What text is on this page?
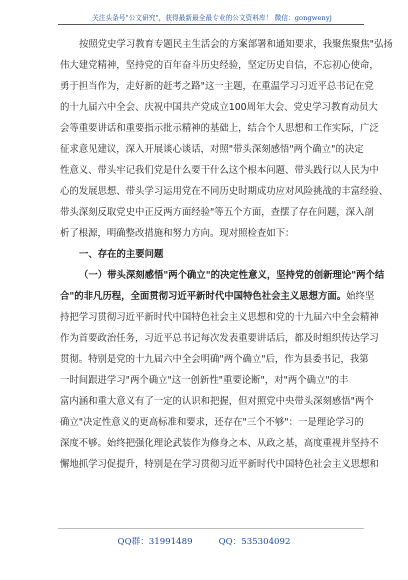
关注头条号"公文研究"，获得最新最全最专业的公文资料库！ 微信：gongwenyj
按照党史学习教育专题民主生活会的方案部署和通知要求，我聚焦聚焦"弘扬
伟大建党精神，坚持党的百年奋斗历史经验，坚定历史自信，不忘初心使命，
勇于担当作为，走好新的赶考之路"这一主题，在重温学习习近平总书记在党
的十九届六中全会、庆祝中国共产党成立100周年大会、党史学习教育动员大
会等重要讲话和重要指示批示精神的基础上，结合个人思想和工作实际，广泛
征求意见建议，深入开展谈心谈话，对照"带头深刻感悟"两个确立"的决定
性意义、带头牢记我们党是什么要干什么这个根本问题、带头践行以人民为中
心的发展思想、带头学习运用党在不同历史时期成功应对风险挑战的丰富经验、
带头深刻反取党史中正反两方面经验"等五个方面，查摆了存在问题，深入剖
析了根源，明确整改措施和努力方向。现对照检查如下：
一、存在的主要问题
（一）带头深刻感悟"两个确立"的决定性意义，坚持党的创新理论"两个结
合"的非凡历程，全面贯彻习近平新时代中国特色社会主义思想方面。始终坚
持把学习贯彻习近平新时代中国特色社会主义思想和党的十九届六中全会精神
作为首要政治任务，习近平总书记每次发表重要讲话后，都及时组织传达学习
贯彻。特别是党的十九届六中全会明确"两个确立"后，作为县委书记，我第
一时间跟进学习"两个确立"这一创新性"重要论断"，对"两个确立"的丰
富内涵和重大意义有了一定的认识和把握，但对照党中央带头深刻感悟"两个
确立"决定性意义的更高标准和要求，还存在"三个不够"：一是理论学习的
深度不够。始终把强化理论武装作为修身之本、从政之基，高度重视并坚持不
懈地抓学习促提升，特别是在学习贯彻习近平新时代中国特色社会主义思想和
QQ群：31991489	QQ：535304092
